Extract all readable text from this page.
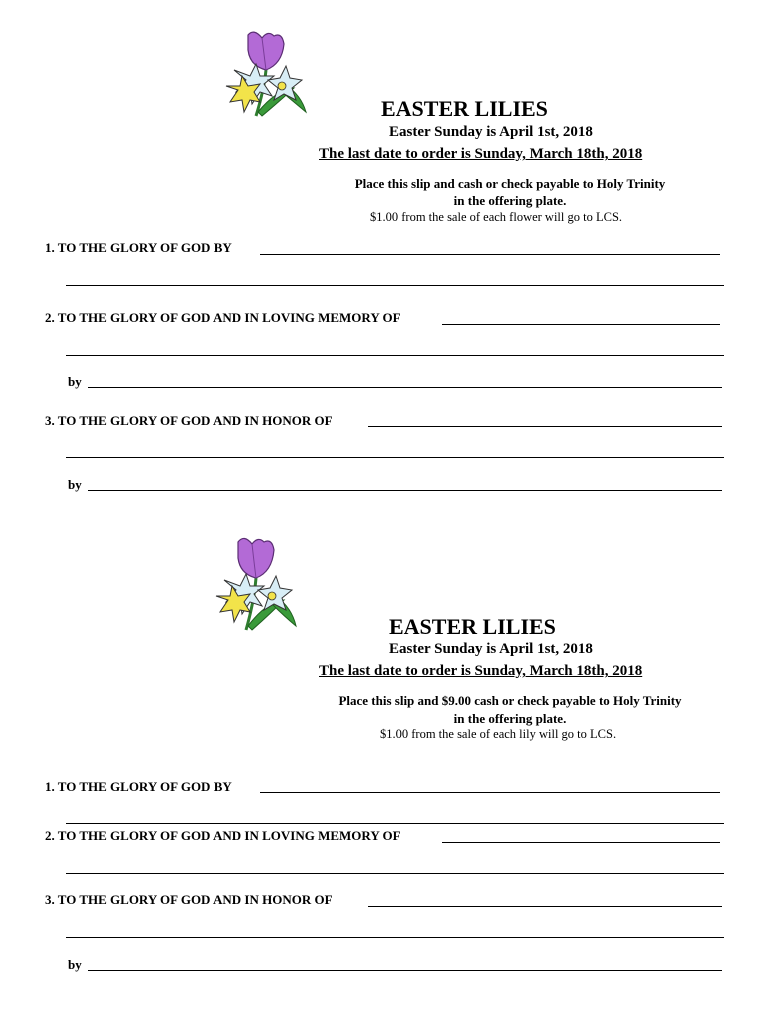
EASTER LILIES
Easter Sunday is April 1st, 2018
The last date to order is Sunday, March 18th, 2018
Place this slip and cash or check payable to Holy Trinity
in the offering plate.
$1.00 from the sale of each flower will go to LCS.
1. TO THE GLORY OF GOD BY
2. TO THE GLORY OF GOD AND IN LOVING MEMORY OF
by
3. TO THE GLORY OF GOD AND IN HONOR OF
by
EASTER LILIES
Easter Sunday is April 1st, 2018
The last date to order is Sunday, March 18th, 2018
Place this slip and $9.00 cash or check payable to Holy Trinity
in the offering plate.
$1.00 from the sale of each lily will go to LCS.
1. TO THE GLORY OF GOD BY
2. TO THE GLORY OF GOD AND IN LOVING MEMORY OF
3. TO THE GLORY OF GOD AND IN HONOR OF
by
